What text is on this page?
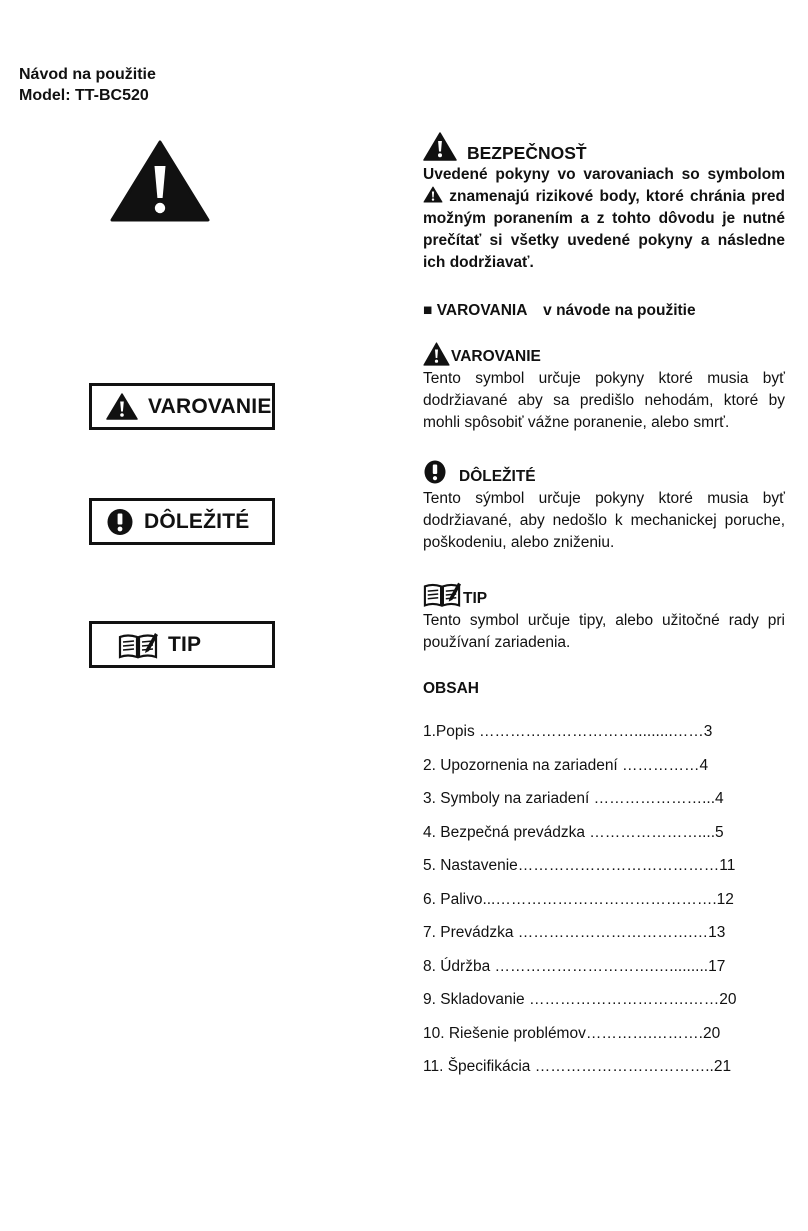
Návod na použitie
Model: TT-BC520
VAROVANIE
DÔLEŽITÉ
TIP
BEZPEČNOSŤ
Uvedené pokyny vo varovaniach so symbolom  znamenajú rizikové body, ktoré chránia pred možným poranením a z tohto dôvodu je nutné prečítať si všetky uvedené pokyny a následne ich dodržiavať.
■ VAROVANIA v návode na použitie
VAROVANIE
Tento symbol určuje pokyny ktoré musia byť dodržiavané aby sa predišlo nehodám, ktoré by mohli spôsobiť vážne poranenie, alebo smrť.
DÔLEŽITÉ
Tento sýmbol určuje pokyny ktoré musia byť dodržiavané, aby nedošlo k mechanickej poruche, poškodeniu, alebo zniženiu.
TIP
Tento symbol určuje tipy, alebo užitočné rady pri používaní zariadenia.
OBSAH
1.Popis ………………………….........……3
2. Upozornenia na zariadení ……………4
3. Symboly na zariadení …………………...4
4. Bezpečná prevádzka …………………....5
5. Nastavenie…………………………………11
6. Palivo...…………………………………….12
7. Prevádzka …………………………….…13
8. Údržba ………………………….….........17
9. Skladovanie ………………………….……20
10. Riešenie problémov………….……….20
11. Špecifikácia ……………………………..21
